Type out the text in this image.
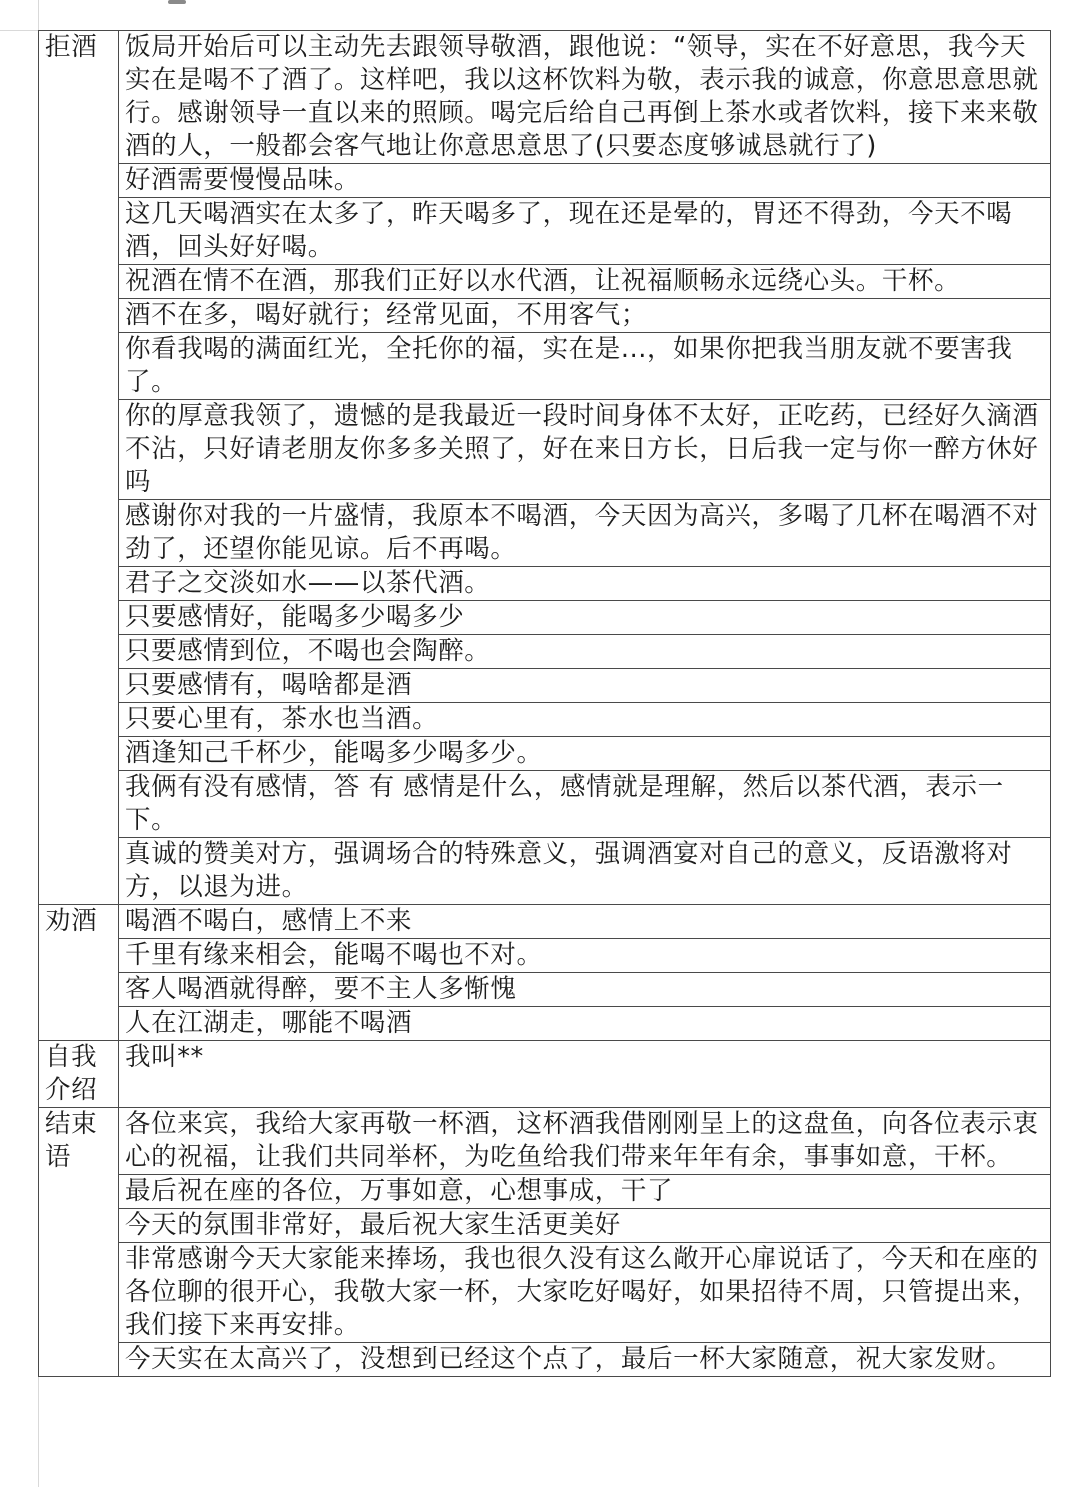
拒酒	饭局开始后可以主动先去跟领导敬酒，跟他说：“领导，实在不好意思，我今天实在是喝不了酒了。这样吧，我以这杯饮料为敬，表示我的诚意，你意思意思就行。感谢领导一直以来的照顾。喝完后给自己再倒上茶水或者饮料，接下来来敬酒的人，一般都会客气地让你意思意思了(只要态度够诚恳就行了)
	好酒需要慢慢品味。
	这几天喝酒实在太多了，昨天喝多了，现在还是晕的，胃还不得劲，今天不喝酒，回头好好喝。
	祝酒在情不在酒，那我们正好以水代酒，让祝福顺畅永远绕心头。干杯。
	酒不在多，喝好就行；经常见面，不用客气；
	你看我喝的满面红光，全托你的福，实在是...，如果你把我当朋友就不要害我了。
	你的厚意我领了，遗憾的是我最近一段时间身体不太好，正吃药，已经好久滴酒不沾，只好请老朋友你多多关照了，好在来日方长，日后我一定与你一醉方休好吗
	感谢你对我的一片盛情，我原本不喝酒，今天因为高兴，多喝了几杯在喝酒不对劲了，还望你能见谅。后不再喝。
	君子之交淡如水——以茶代酒。
	只要感情好，能喝多少喝多少
	只要感情到位，不喝也会陶醉。
	只要感情有，喝啥都是酒
	只要心里有，茶水也当酒。
	酒逢知己千杯少，能喝多少喝多少。
	我俩有没有感情，答 有 感情是什么，感情就是理解，然后以茶代酒，表示一下。
	真诚的赞美对方，强调场合的特殊意义，强调酒宴对自己的意义，反语激将对方，以退为进。
劝酒	喝酒不喝白，感情上不来
	千里有缘来相会，能喝不喝也不对。
	客人喝酒就得醉，要不主人多惭愧
	人在江湖走，哪能不喝酒
自我介绍	我叫**
结束语	各位来宾，我给大家再敬一杯酒，这杯酒我借刚刚呈上的这盘鱼，向各位表示衷心的祝福，让我们共同举杯，为吃鱼给我们带来年年有余，事事如意，干杯。
	最后祝在座的各位，万事如意，心想事成，干了
	今天的氛围非常好，最后祝大家生活更美好
	非常感谢今天大家能来捧场，我也很久没有这么敞开心扉说话了，今天和在座的各位聊的很开心，我敬大家一杯，大家吃好喝好，如果招待不周，只管提出来，我们接下来再安排。
	今天实在太高兴了，没想到已经这个点了，最后一杯大家随意，祝大家发财。
